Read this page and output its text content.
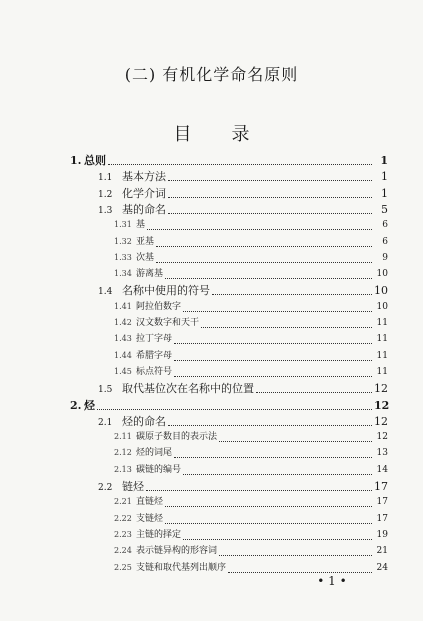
(二) 有机化学命名原则
目录
1. 总则	1
1.1 基本方法	1
1.2 化学介词	1
1.3 基的命名	5
1.31 基	6
1.32 亚基	6
1.33 次基	9
1.34 游离基	10
1.4 名称中使用的符号	10
1.41 阿拉伯数字	10
1.42 汉文数字和天干	11
1.43 拉丁字母	11
1.44 希腊字母	11
1.45 标点符号	11
1.5 取代基位次在名称中的位置	12
2. 烃	12
2.1 烃的命名	12
2.11 碳原子数目的表示法	12
2.12 烃的词尾	13
2.13 碳链的编号	14
2.2 链烃	17
2.21 直链烃	17
2.22 支链烃	17
2.23 主链的择定	19
2.24 表示链异构的形容词	21
2.25 支链和取代基列出顺序	24
• 1 •
